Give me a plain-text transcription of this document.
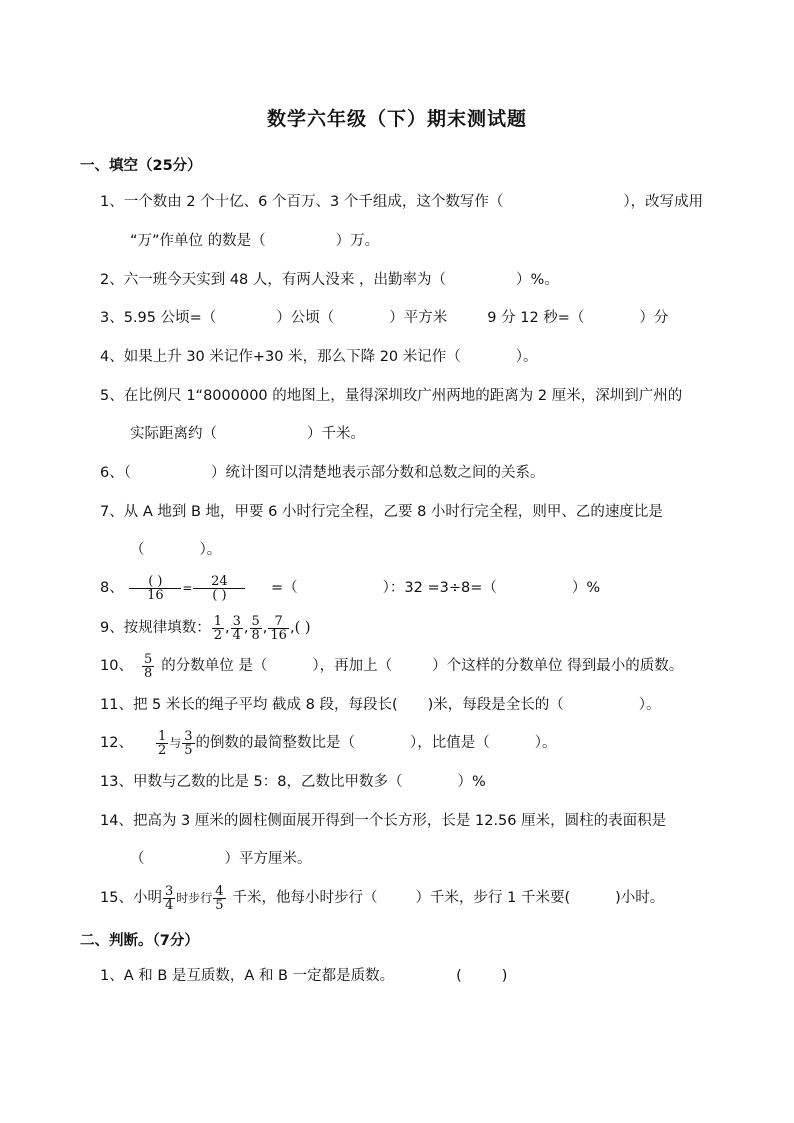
数学六年级（下）期末测试题
一、填空（25分）
1、一个数由 2 个十亿、6 个百万、3 个千组成，这个数写作（	），改写成用
“万”作单位 的数是（	）万。
2、六一班今天实到 48 人，有两人没来 ，出勤率为（	）%。
3、5.95 公顷=（	）公顷（	）平方米	9 分 12 秒=（	）分
4、如果上升 30 米记作+30 米，那么下降 20 米记作（	）。
5、在比例尺 1“8000000 的地图上，量得深圳玫广州两地的距离为 2 厘米，深圳到广州的
实际距离约（	）千米。
6、（	）统计图可以清楚地表示部分数和总数之间的关系。
7、从 A 地到 B 地，甲要 6 小时行完全程，乙要 8 小时行完全程，则甲、乙的速度比是
（	）。
8、 $\frac{( )}{16} = \frac{24}{( )}$ =（	）：32 =3÷8=（	）%
9、按规律填数： $\frac{1}{2}$ , $\frac{3}{4}$ , $\frac{5}{8}$ , $\frac{7}{16}$ ,( )
10、 $\frac{5}{8}$ 的分数单位 是（	），再加上（	）个这样的分数单位 得到最小的质数。
11、把 5 米长的绳子平均 截成 8 段，每段长( )米，每段是全长的（	）。
12、 $\frac{1}{2}$ 与 $\frac{3}{5}$ 的倒数的最简整数比是（	），比值是（	）。
13、甲数与乙数的比是 5：8，乙数比甲数多（	）%
14、把高为 3 厘米的圆柱侧面展开得到一个长方形，长是 12.56 厘米，圆柱的表面积是
（	）平方厘米。
15、小明 $\frac{3}{4}$ 时步行 $\frac{4}{5}$ 千米，他每小时步行（	）千米，步行 1 千米要(	)小时。
二、判断。（7分）
1、A 和 B 是互质数，A 和 B 一定都是质数。	(	)
